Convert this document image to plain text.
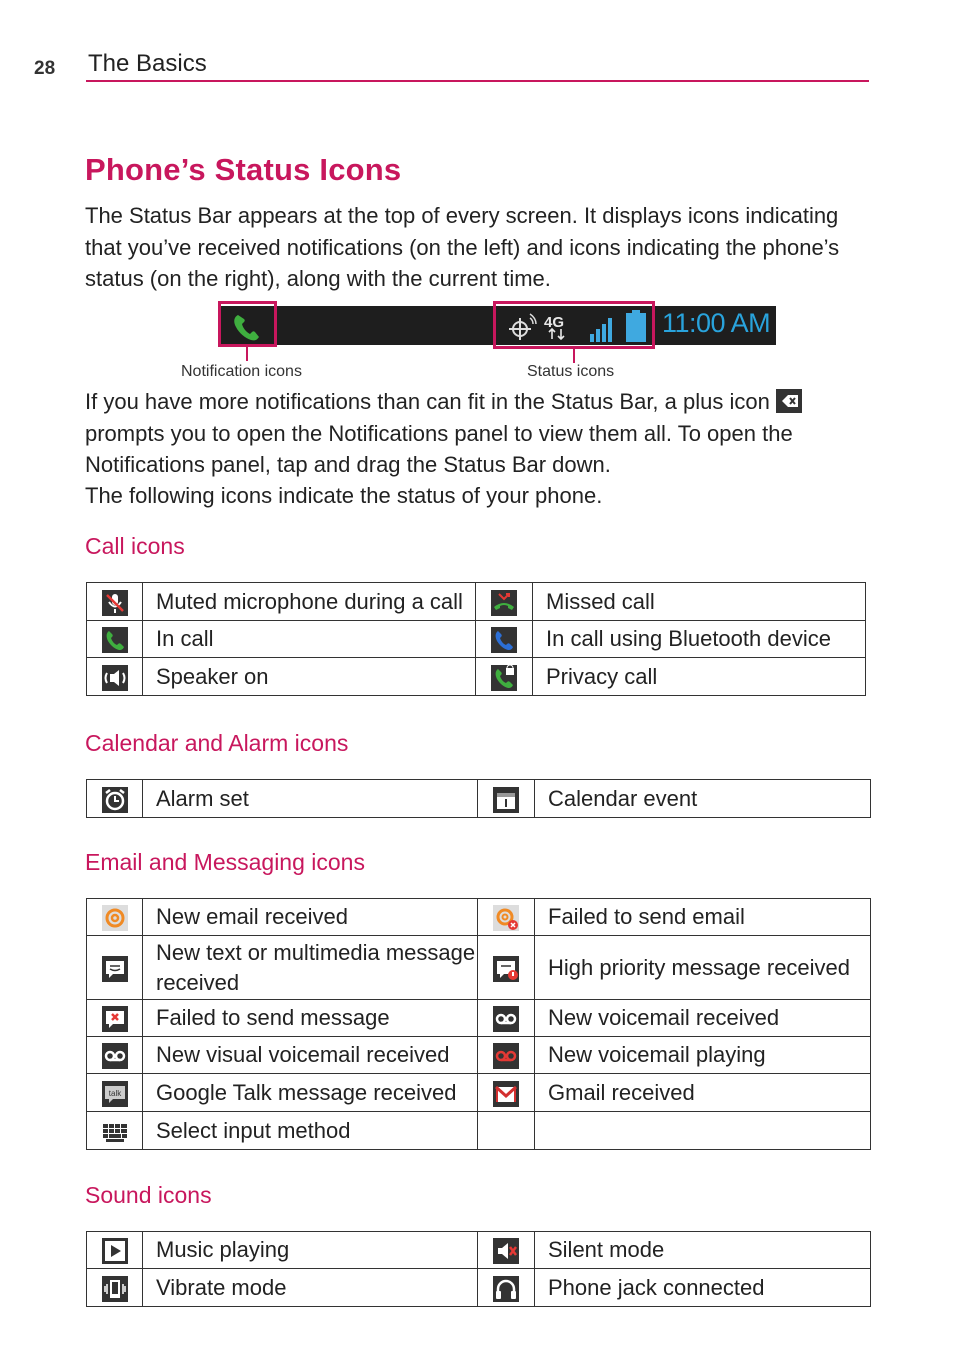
28 The Basics
Phone’s Status Icons
The Status Bar appears at the top of every screen. It displays icons indicating that you’ve received notifications (on the left) and icons indicating the phone’s status (on the right), along with the current time.
4G	11:00 AM
Notification icons	Status icons
If you have more notifications than can fit in the Status Bar, a plus icon  prompts you to open the Notifications panel to view them all. To open the Notifications panel, tap and drag the Status Bar down.
The following icons indicate the status of your phone.
Call icons
	Muted microphone during a call		Missed call
	In call		In call using Bluetooth device
	Speaker on		Privacy call
Calendar and Alarm icons
	Alarm set		Calendar event
Email and Messaging icons
	New email received		Failed to send email
	New text or multimedia message received		High priority message received
	Failed to send message		New voicemail received
	New visual voicemail received		New voicemail playing

talk	Google Talk message received		Gmail received
	Select input method		
Sound icons
	Music playing		Silent mode
	Vibrate mode		Phone jack connected
